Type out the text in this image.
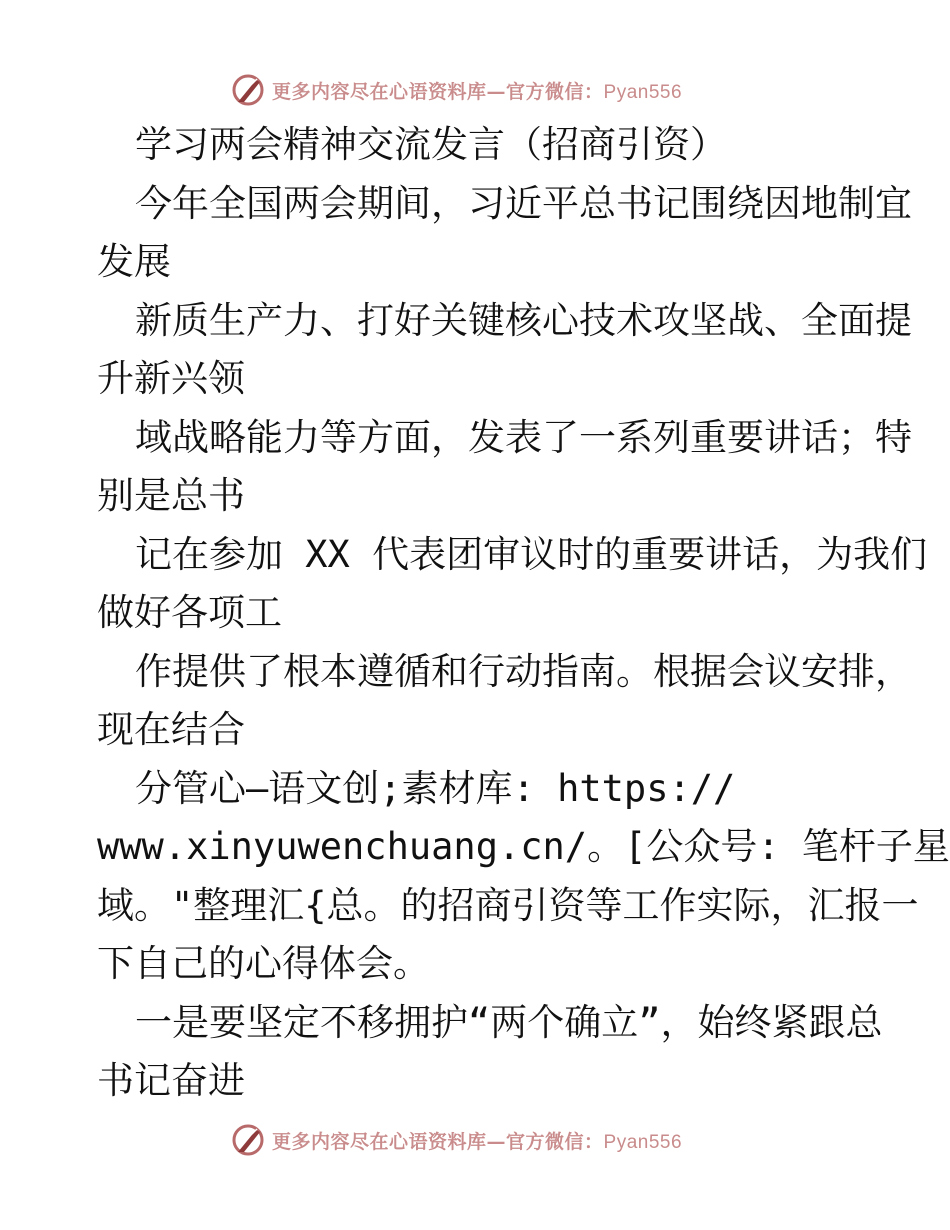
更多内容尽在心语资料库—官方微信：Pyan556
学习两会精神交流发言（招商引资）
今年全国两会期间，习近平总书记围绕因地制宜
发展
新质生产力、打好关键核心技术攻坚战、全面提
升新兴领
域战略能力等方面，发表了一系列重要讲话；特
别是总书
记在参加 XX 代表团审议时的重要讲话，为我们
做好各项工
作提供了根本遵循和行动指南。根据会议安排，
现在结合
分管心—语文创;素材库: https://
www.xinyuwenchuang.cn/。[公众号: 笔杆子星
域。"整理汇{总。的招商引资等工作实际，汇报一
下自己的心得体会。
一是要坚定不移拥护“两个确立”，始终紧跟总
书记奋进
更多内容尽在心语资料库—官方微信：Pyan556
